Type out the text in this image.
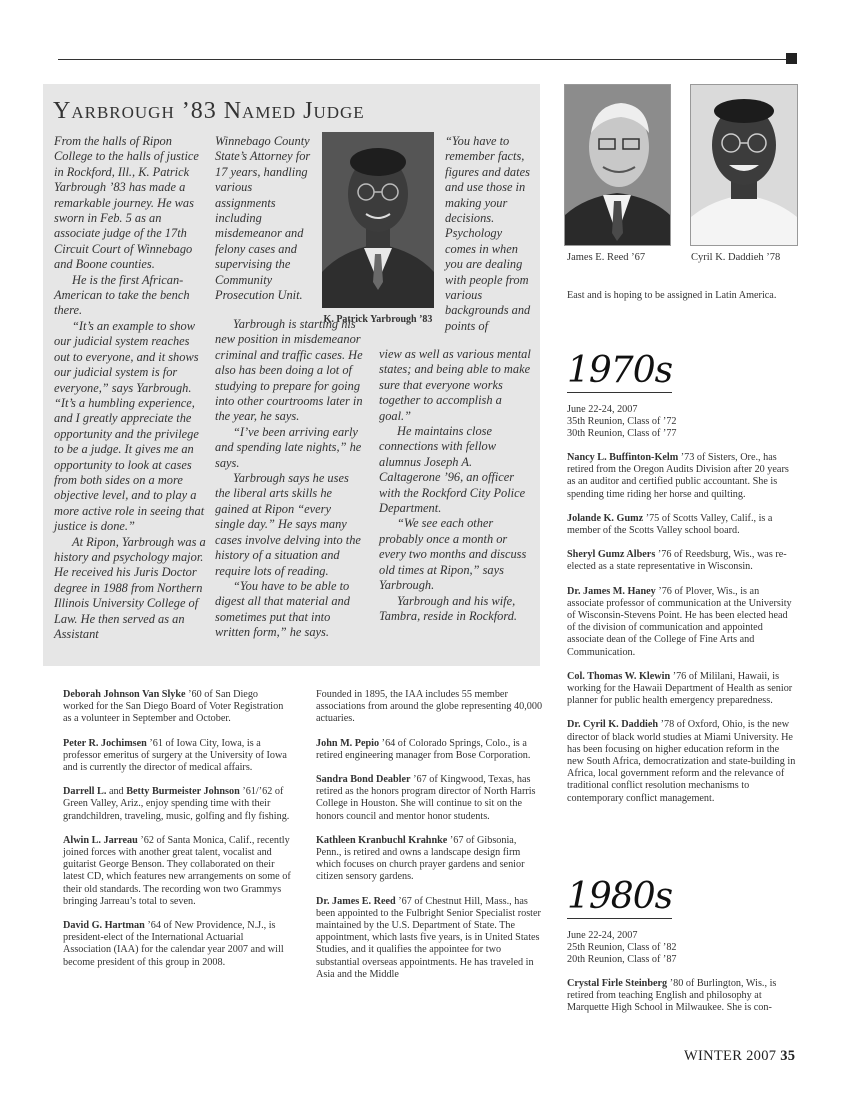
Yarbrough ’83 Named Judge

From the halls of Ripon College to the halls of justice in Rockford, Ill., K. Patrick Yarbrough ’83 has made a remarkable journey. He was sworn in Feb. 5 as an associate judge of the 17th Circuit Court of Winnebago and Boone counties.

He is the first African-American to take the bench there.

“It’s an example to show our judicial system reaches out to everyone, and it shows our judicial system is for everyone,” says Yarbrough. “It’s a humbling experience, and I greatly appreciate the opportunity and the privilege to be a judge. It gives me an opportunity to look at cases from both sides on a more objective level, and to play a more active role in seeing that justice is done.”

At Ripon, Yarbrough was a history and psychology major. He received his Juris Doctor degree in 1988 from Northern Illinois University College of Law. He then served as an Assistant

Winnebago County State’s Attorney for 17 years, handling various assignments including misdemeanor and felony cases and supervising the Community Prosecution Unit.

K. Patrick Yarbrough ’83

Yarbrough is starting his new position in misdemeanor criminal and traffic cases. He also has been doing a lot of studying to prepare for going into other courtrooms later in the year, he says.

“I’ve been arriving early and spending late nights,” he says.

Yarbrough says he uses the liberal arts skills he gained at Ripon “every single day.” He says many cases involve delving into the history of a situation and require lots of reading.

“You have to be able to digest all that material and sometimes put that into written form,” he says.

“You have to remember facts, figures and dates and use those in making your decisions. Psychology comes in when you are dealing with people from various backgrounds and points of

view as well as various mental states; and being able to make sure that everyone works together to accomplish a goal.”

He maintains close connections with fellow alumnus Joseph A. Caltagerone ’96, an officer with the Rockford City Police Department.

“We see each other probably once a month or every two months and discuss old times at Ripon,” says Yarbrough.

Yarbrough and his wife, Tambra, reside in Rockford.

James E. Reed ’67	Cyril K. Daddieh ’78

Deborah Johnson Van Slyke ’60 of San Diego worked for the San Diego Board of Voter Registration as a volunteer in September and October.

Peter R. Jochimsen ’61 of Iowa City, Iowa, is a professor emeritus of surgery at the University of Iowa and is currently the director of medical affairs.

Darrell L. and Betty Burmeister Johnson ’61/’62 of Green Valley, Ariz., enjoy spending time with their grandchildren, traveling, music, golfing and fly fishing.

Alwin L. Jarreau ’62 of Santa Monica, Calif., recently joined forces with another great talent, vocalist and guitarist George Benson. They collaborated on their latest CD, which features new arrangements on some of their old standards. The recording won two Grammys bringing Jarreau’s total to seven.

David G. Hartman ’64 of New Providence, N.J., is president-elect of the International Actuarial Association (IAA) for the calendar year 2007 and will become president of this group in 2008.

Founded in 1895, the IAA includes 55 member associations from around the globe representing 40,000 actuaries.

John M. Pepio ’64 of Colorado Springs, Colo., is a retired engineering manager from Bose Corporation.

Sandra Bond Deabler ’67 of Kingwood, Texas, has retired as the honors program director of North Harris College in Houston. She will continue to sit on the honors council and mentor honor students.

Kathleen Kranbuchl Krahnke ’67 of Gibsonia, Penn., is retired and owns a landscape design firm which focuses on church prayer gardens and senior citizen sensory gardens.

Dr. James E. Reed ’67 of Chestnut Hill, Mass., has been appointed to the Fulbright Senior Specialist roster maintained by the U.S. Department of State. The appointment, which lasts five years, is in United States Studies, and it qualifies the appointee for two substantial overseas appointments. He has traveled in Asia and the Middle

East and is hoping to be assigned in Latin America.

1970s

June 22-24, 2007
35th Reunion, Class of ’72
30th Reunion, Class of ’77

Nancy L. Buffinton-Kelm ’73 of Sisters, Ore., has retired from the Oregon Audits Division after 20 years as an auditor and certified public accountant. She is spending time riding her horse and quilting.

Jolande K. Gumz ’75 of Scotts Valley, Calif., is a member of the Scotts Valley school board.

Sheryl Gumz Albers ’76 of Reedsburg, Wis., was re-elected as a state representative in Wisconsin.

Dr. James M. Haney ’76 of Plover, Wis., is an associate professor of communication at the University of Wisconsin-Stevens Point. He has been elected head of the division of communication and appointed associate dean of the College of Fine Arts and Communication.

Col. Thomas W. Klewin ’76 of Mililani, Hawaii, is working for the Hawaii Department of Health as senior planner for public health emergency preparedness.

Dr. Cyril K. Daddieh ’78 of Oxford, Ohio, is the new director of black world studies at Miami University. He has been focusing on higher education reform in the new South Africa, democratization and state-building in Africa, local government reform and the relevance of traditional conflict resolution mechanisms to contemporary conflict management.

1980s

June 22-24, 2007
25th Reunion, Class of ’82
20th Reunion, Class of ’87

Crystal Firle Steinberg ’80 of Burlington, Wis., is retired from teaching English and philosophy at Marquette High School in Milwaukee. She is con-

WINTER 2007 35
